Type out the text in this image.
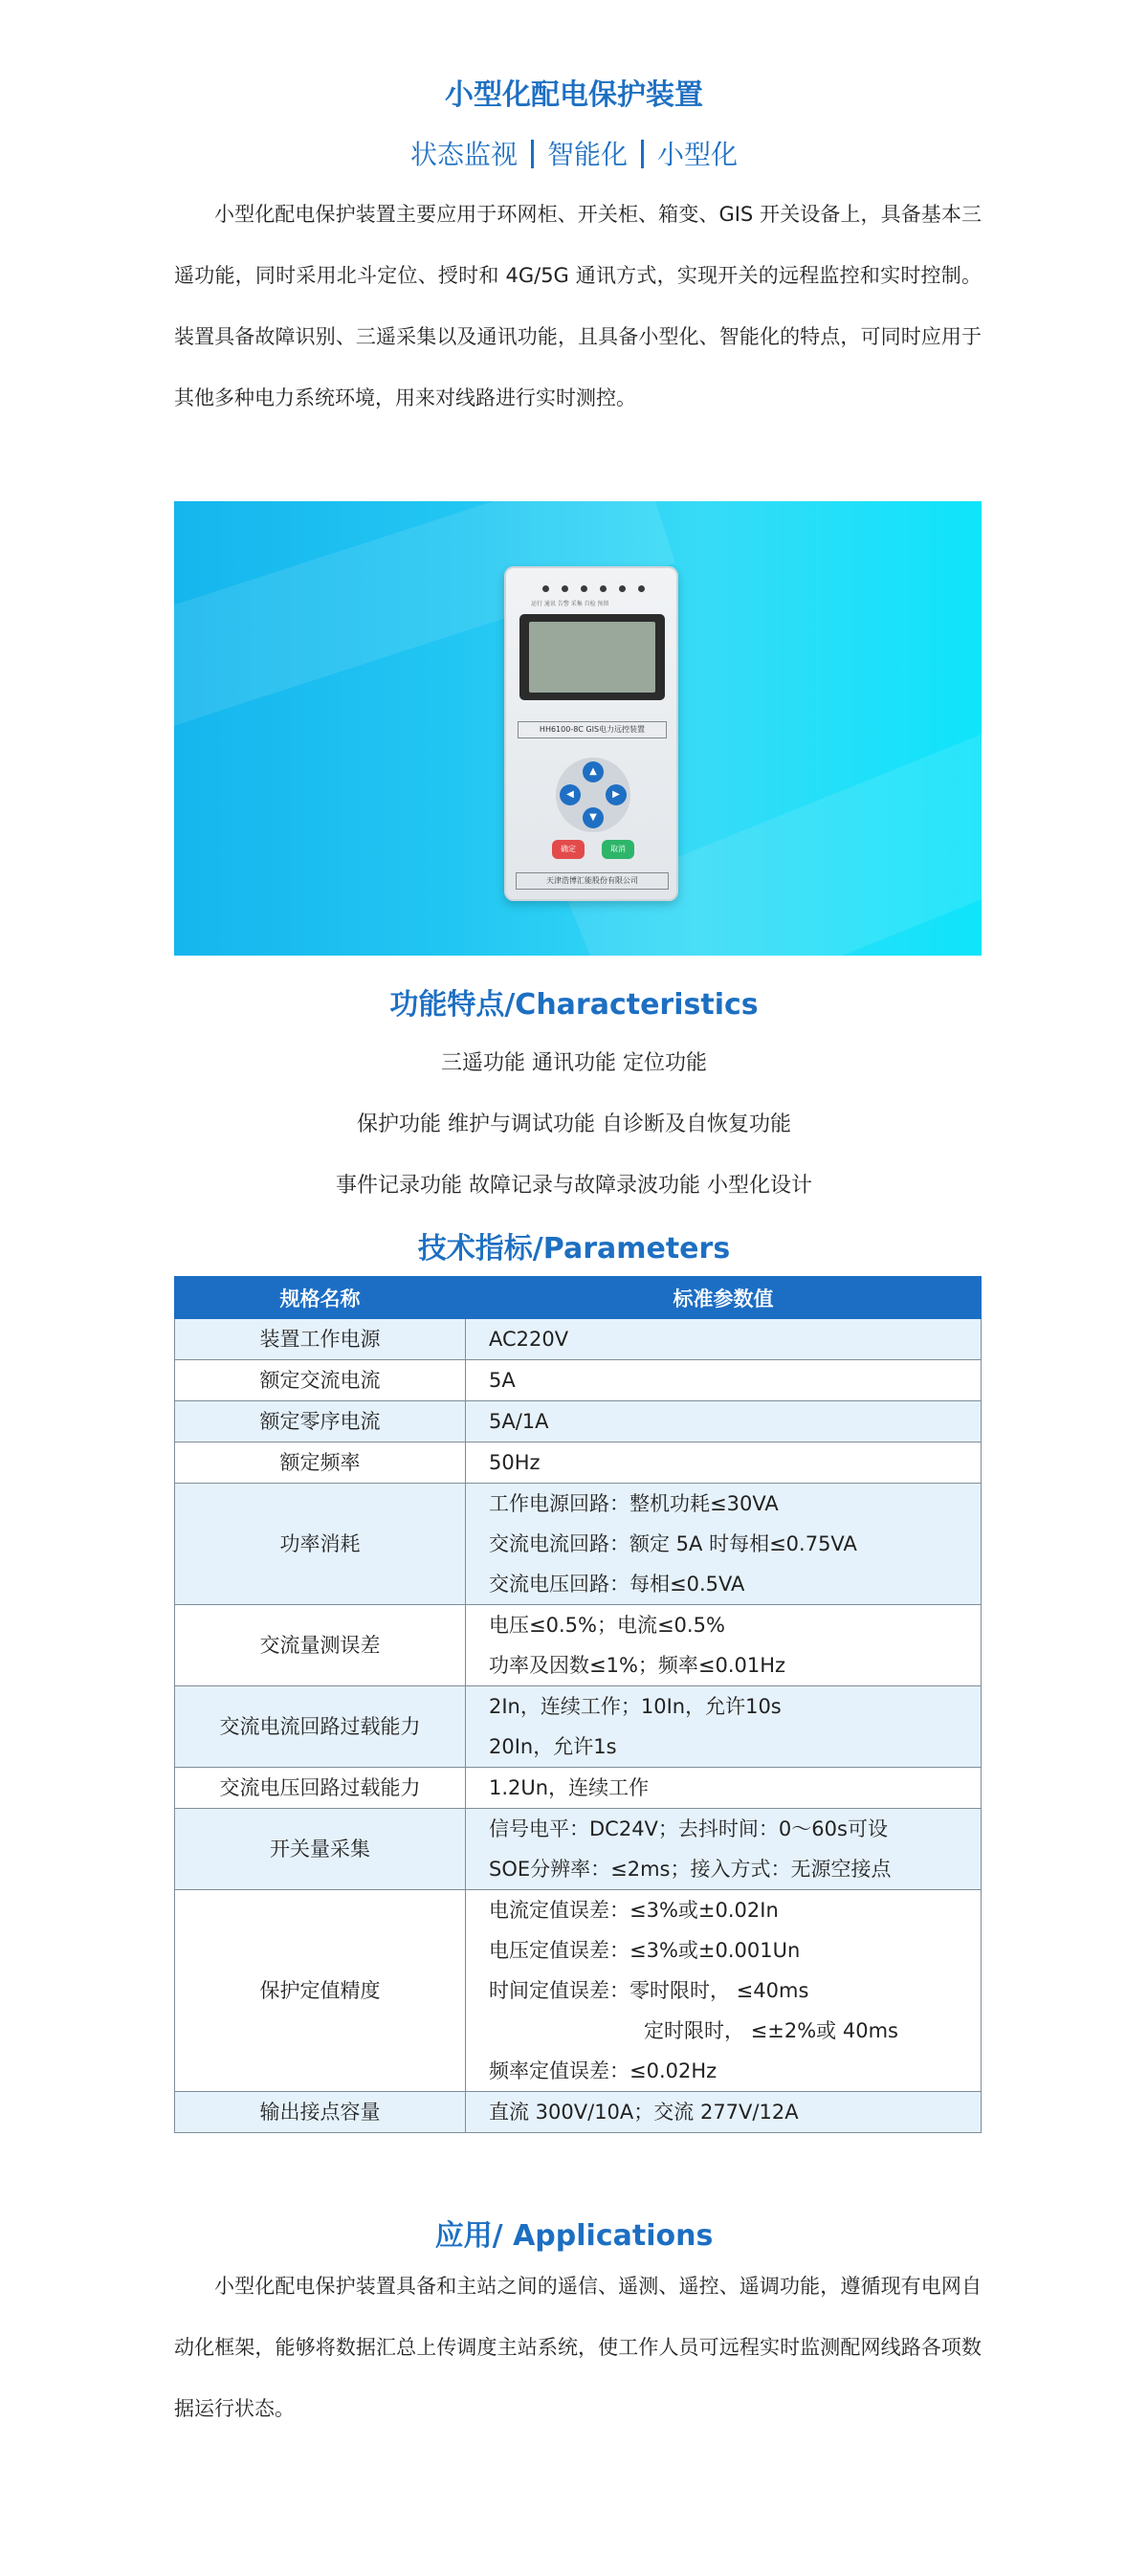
小型化配电保护装置
状态监视 智能化 小型化
小型化配电保护装置主要应用于环网柜、开关柜、箱变、GIS 开关设备上，具备基本三遥功能，同时采用北斗定位、授时和 4G/5G 通讯方式，实现开关的远程监控和实时控制。装置具备故障识别、三遥采集以及通讯功能，且具备小型化、智能化的特点，可同时应用于其他多种电力系统环境，用来对线路进行实时测控。
运行 通讯 告警 采集 自检 预留
HH6100-8C GIS电力远控装置
▲
◀	▶
▼
确定	取消
天津浩博汇能股份有限公司
功能特点/Characteristics
三遥功能 通讯功能 定位功能
保护功能 维护与调试功能 自诊断及自恢复功能
事件记录功能 故障记录与故障录波功能 小型化设计
技术指标/Parameters
规格名称	标准参数值

装置工作电源	AC220V

额定交流电流	5A

额定零序电流	5A/1A

额定频率	50Hz

功率消耗	工作电源回路：整机功耗≤30VA
交流电流回路：额定 5A 时每相≤0.75VA
交流电压回路：每相≤0.5VA

交流量测误差	电压≤0.5%；电流≤0.5%
功率及因数≤1%；频率≤0.01Hz

交流电流回路过载能力	2In，连续工作；10In，允许10s
20In，允许1s

交流电压回路过载能力	1.2Un，连续工作

开关量采集	信号电平：DC24V；去抖时间：0～60s可设
SOE分辨率：≤2ms；接入方式：无源空接点

保护定值精度	电流定值误差：≤3%或±0.02In
电压定值误差：≤3%或±0.001Un
时间定值误差：零时限时， ≤40ms
定时限时， ≤±2%或 40ms
频率定值误差：≤0.02Hz

输出接点容量	直流 300V/10A；交流 277V/12A
应用/ Applications
小型化配电保护装置具备和主站之间的遥信、遥测、遥控、遥调功能，遵循现有电网自动化框架，能够将数据汇总上传调度主站系统，使工作人员可远程实时监测配网线路各项数据运行状态。
